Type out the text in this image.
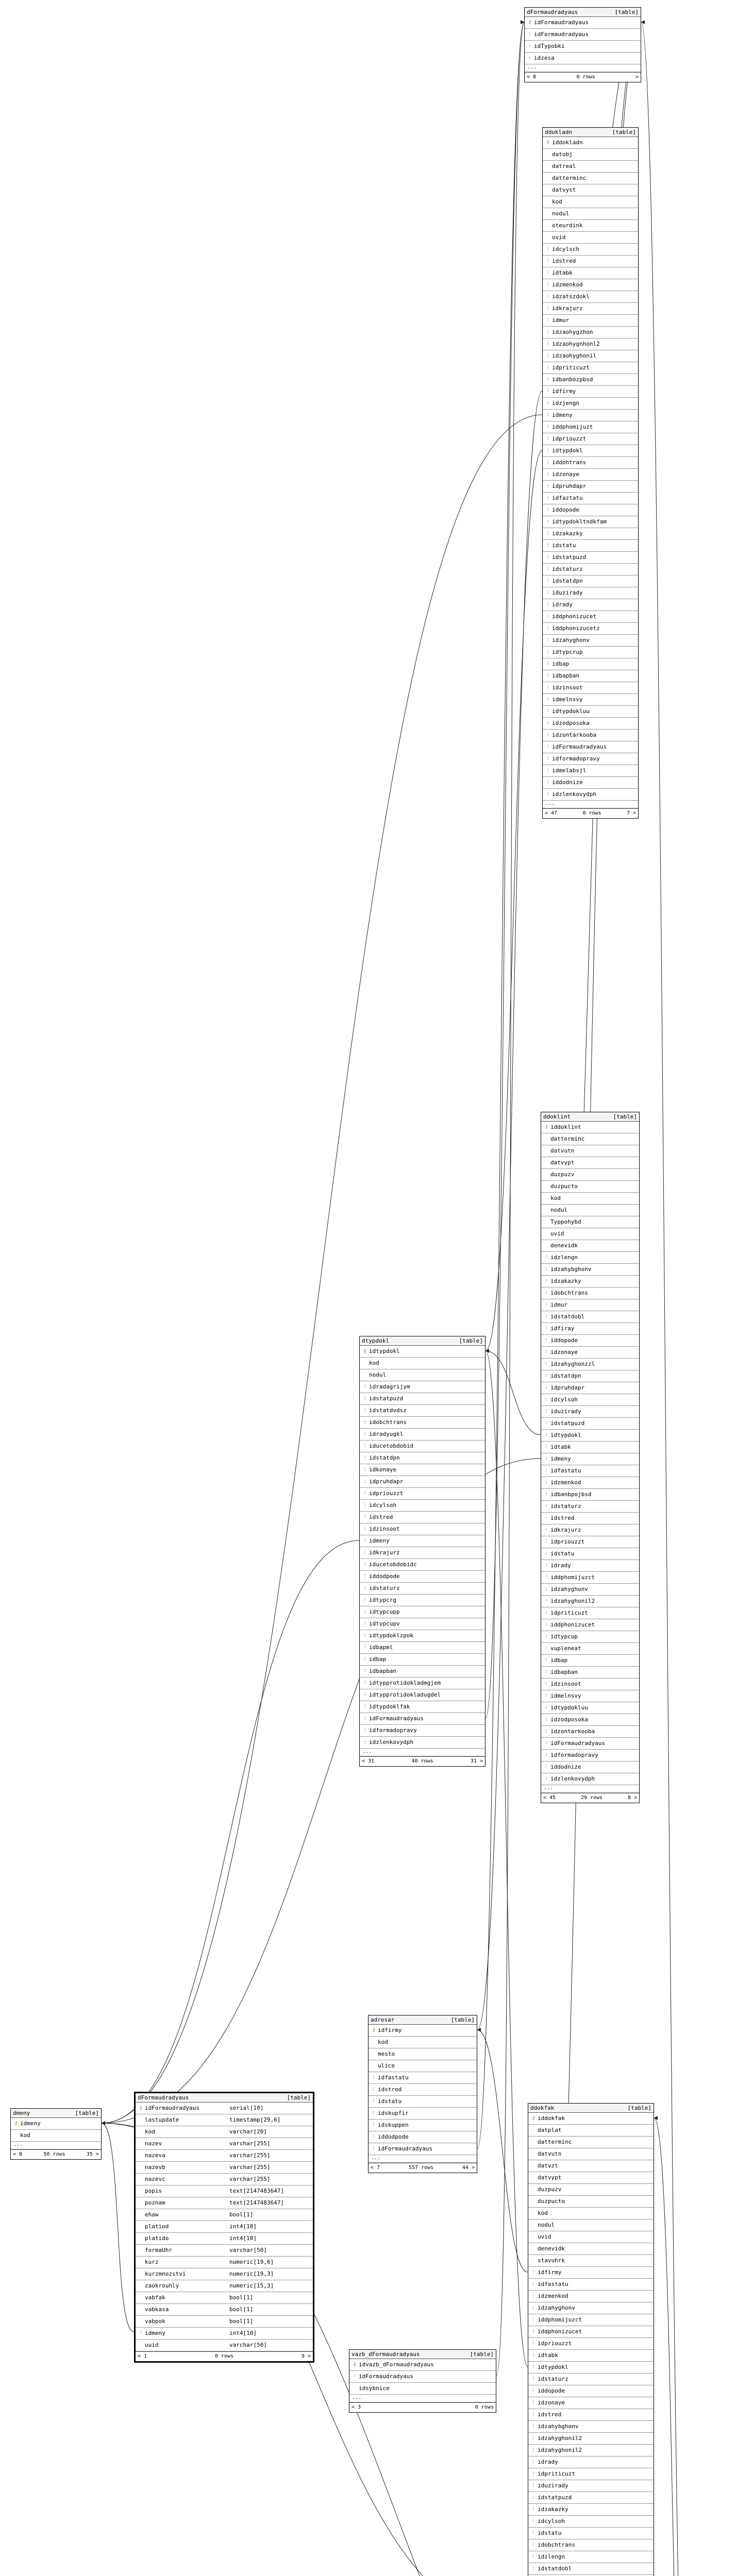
dFormaudradyaus	[table]
⚷ idFormaudradyaus
⁝ idFormaudradyaus
⁝ idTypobki
⁝ idzesa
...
< 8	0 rows	>
ddokladn	[table]
⚷ iddokladn
datobj
datreal
datterminc
datvyst
kod
nodul
oteurdink
uvid
⁝ idcylsch
⁝ idstred
⁝ idtabk
⁝ idzmenkod
⁝ idzatszdokl
⁝ idkrajurz
⁝ idmur
⁝ idzaohygzhon
⁝ idzaohygnhonl2
⁝ idzaohyghonil
⁝ idpriticuzt
⁝ idbanbozpbsd
⁝ idfirmy
⁝ idzjengn
⁝ idmeny
⁝ iddphomijuzt
⁝ idpriouzzt
⁝ idtypdokl
⁝ iddohtrans
⁝ idzonaye
⁝ idpruhdapr
⁝ idfaztatu
⁝ iddopode
⁝ idtypdokltndkfam
⁝ idzakazky
⁝ idstatu
⁝ idstatpuzd
⁝ idstaturz
⁝ idstatdpn
⁝ iduzirady
⁝ idrady
⁝ iddphonizucet
⁝ iddphonizucetz
⁝ idzahyghonv
⁝ idtypcrup
⁝ idbap
⁝ idbapban
⁝ idzinsoot
⁝ idmelnsvy
⁝ idtypdokluu
⁝ idzodposoka
⁝ idzontarkooba
⁝ idFormaudradyaus
⁝ idformadopravy
⁝ idmelabsjl
⁝ iddodnize
⁝ idzlenkovydph
...
< 47	0 rows	7 >
ddoklint	[table]
⚷ iddoklint
datterminc
datvutn
datvypt
duzpuzv
duzpucto
kod
nodul
Typpohybd
uvid
denevidk
⁝ idzlengn
⁝ idzahybghonv
⁝ idzakazky
⁝ idobchtrans
⁝ idmur
⁝ idstatdobl
⁝ idfiray
⁝ iddopode
⁝ idzonaye
⁝ idzahyghonzzl
⁝ idstatdpn
⁝ idpruhdapr
⁝ idcylsoh
⁝ iduzirady
⁝ idstatpuzd
⁝ idtypdokl
⁝ idtabk
⁝ idmeny
⁝ idfastatu
⁝ idzmenkod
⁝ idbanbpojbsd
⁝ idstaturz
⁝ idstred
⁝ idkrajurz
⁝ idpriouzzt
⁝ idstatu
⁝ idrady
⁝ iddphomijuzct
⁝ idzahyghonv
⁝ idzahyghonil2
⁝ idpriticuzt
⁝ iddphonizucet
⁝ idtypcup
⁝ vupleneat
⁝ idbap
⁝ idbapban
⁝ idzinsoot
⁝ idmelnsvy
⁝ idtypdokluu
⁝ idzodposoka
⁝ idzontarkooba
⁝ idFormaudradyaus
⁝ idformadopravy
⁝ iddodnize
⁝ idzlenkovydph
...
< 45	29 rows	8 >
dtypdokl	[table]
⚷ idtypdokl
kod
nodul
⁝ idradagrijym
⁝ idstatpuzd
⁝ idstatdvdsz
⁝ idobchtrans
⁝ idradyugkl
⁝ iducetobdobid
⁝ idstatdpn
⁝ idkonaye
⁝ idpruhdapr
⁝ idpriouzzt
⁝ idcylsoh
⁝ idstred
⁝ idzinsoot
⁝ idmeny
⁝ idkrajurz
⁝ iducetobdobidc
⁝ iddodpode
⁝ idstaturz
⁝ idtypcrg
⁝ idtypcupp
⁝ idtypcupv
⁝ idtypdoklzpok
⁝ idbapml
⁝ idbap
⁝ idbapban
⁝ idtypprotidokladmgjem
⁝ idtypprotidokladugdel
⁝ idtypdoklfak
⁝ idFormaudradyaus
⁝ idformadopravy
⁝ idzlenkovydph
...
< 31	40 rows	31 >
adresar	[table]
⚷ idfirmy
kod
mesto
ulice
⁝ idfastatu
⁝ idstred
⁝ idstatu
⁝ idskupfir
⁝ idskuppen
⁝ iddodpode
⁝ idFormaudradyaus
...
< 7	557 rows	44 >
vazb_dFormaudradyaus	[table]
⚷ idvazb_dFormaudradyaus
⁝ idFormaudradyaus
idsybnice
...
< 3	0 rows
dmeny	[table]
⚷ idmeny
kod
...
< 8	50 rows	35 >
ddokfak	[table]
⚷ iddokfak
datplat
datterminc
datvutn
datvzt
datvypt
duzpuzv
duzpucto
kod
nodul
uvid
denevidk
stavuhrk
⁝ idfirmy
⁝ idfastatu
⁝ idzmenkod
⁝ idzahyghonv
⁝ iddphomijuzct
⁝ iddphonizucet
⁝ idpriouzzt
⁝ idtabk
⁝ idtypdokl
⁝ idstaturz
⁝ iddopode
⁝ idzonaye
⁝ idstred
⁝ idzahybghonv
⁝ idzahyghonil2
⁝ idzahyghonil2
⁝ idrady
⁝ idpriticuzt
⁝ iduzirady
⁝ idstatpuzd
⁝ idzakazky
⁝ idcylsoh
⁝ idstatu
⁝ idobchtrans
⁝ idzlengn
⁝ idstatdobl
dFormaudradyaus	[table]
⚷ idFormaudradyaus	serial[10]
lastupdate	timestamp[29,6]
kod	varchar[20]
nazev	varchar[255]
nazeva	varchar[255]
nazevb	varchar[255]
nazevc	varchar[255]
popis	text[2147483647]
poznam	text[2147483647]
ehaw	bool[1]
platiod	int4[10]
platido	int4[10]
formaUhr	varchar[50]
kurz	numeric[19,6]
kurzmnozstvi	numeric[19,3]
zaokrouhly	numeric[15,3]
vabfak	bool[1]
vabkasa	bool[1]
vabpok	bool[1]
⁝ idmeny	int4[10]
uuid	varchar[50]
< 1	0 rows	9 >
